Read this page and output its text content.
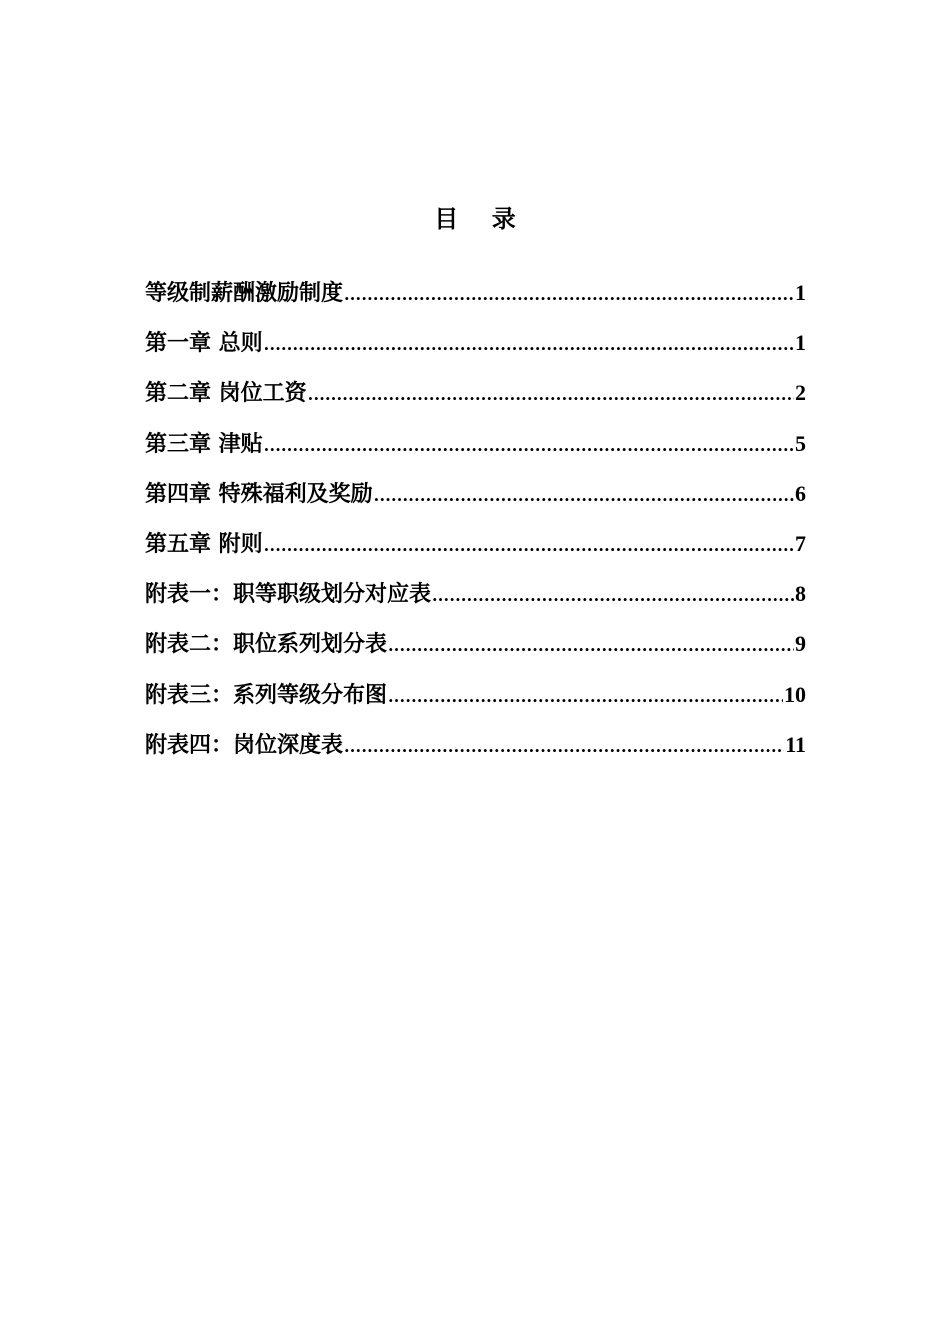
目    录
等级制薪酬激励制度 .....	1
第一章 总则 .....	1
第二章 岗位工资 .....	2
第三章 津贴 .....	5
第四章 特殊福利及奖励 .....	6
第五章 附则 .....	7
附表一：职等职级划分对应表 .....	8
附表二：职位系列划分表 .....	9
附表三：系列等级分布图 .....	10
附表四：岗位深度表 .....	11
